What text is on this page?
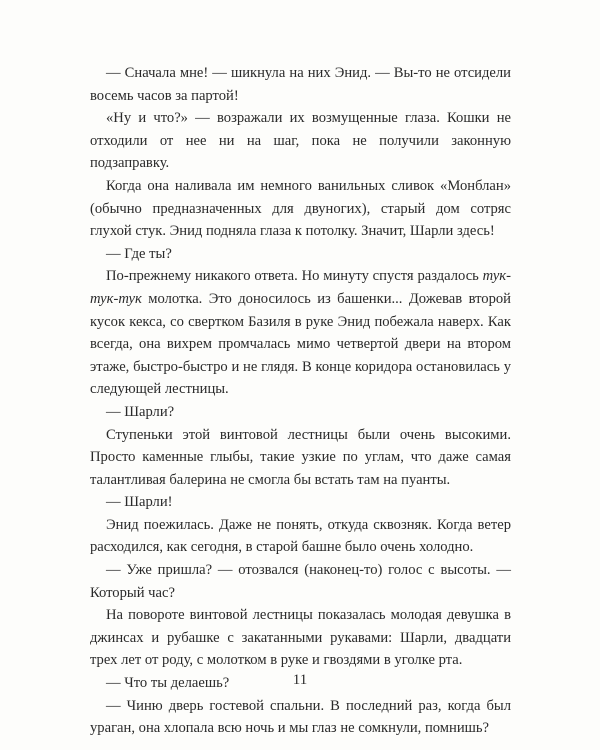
— Сначала мне! — шикнула на них Энид. — Вы-то не отсидели восемь часов за партой!

«Ну и что?» — возражали их возмущенные глаза. Кошки не отходили от нее ни на шаг, пока не получили законную подзаправку.

Когда она наливала им немного ванильных сливок «Монблан» (обычно предназначенных для двуногих), старый дом сотряс глухой стук. Энид подняла глаза к потолку. Значит, Шарли здесь!

— Где ты?

По-прежнему никакого ответа. Но минуту спустя раздалось тук-тук-тук молотка. Это доносилось из башенки... Дожевав второй кусок кекса, со свертком Базиля в руке Энид побежала наверх. Как всегда, она вихрем промчалась мимо четвертой двери на втором этаже, быстро-быстро и не глядя. В конце коридора остановилась у следующей лестницы.

— Шарли?

Ступеньки этой винтовой лестницы были очень высокими. Просто каменные глыбы, такие узкие по углам, что даже самая талантливая балерина не смогла бы встать там на пуанты.

— Шарли!

Энид поежилась. Даже не понять, откуда сквозняк. Когда ветер расходился, как сегодня, в старой башне было очень холодно.

— Уже пришла? — отозвался (наконец-то) голос с высоты. — Который час?

На повороте винтовой лестницы показалась молодая девушка в джинсах и рубашке с закатанными рукавами: Шарли, двадцати трех лет от роду, с молотком в руке и гвоздями в уголке рта.

— Что ты делаешь?

— Чиню дверь гостевой спальни. В последний раз, когда был ураган, она хлопала всю ночь и мы глаз не сомкнули, помнишь?

11
